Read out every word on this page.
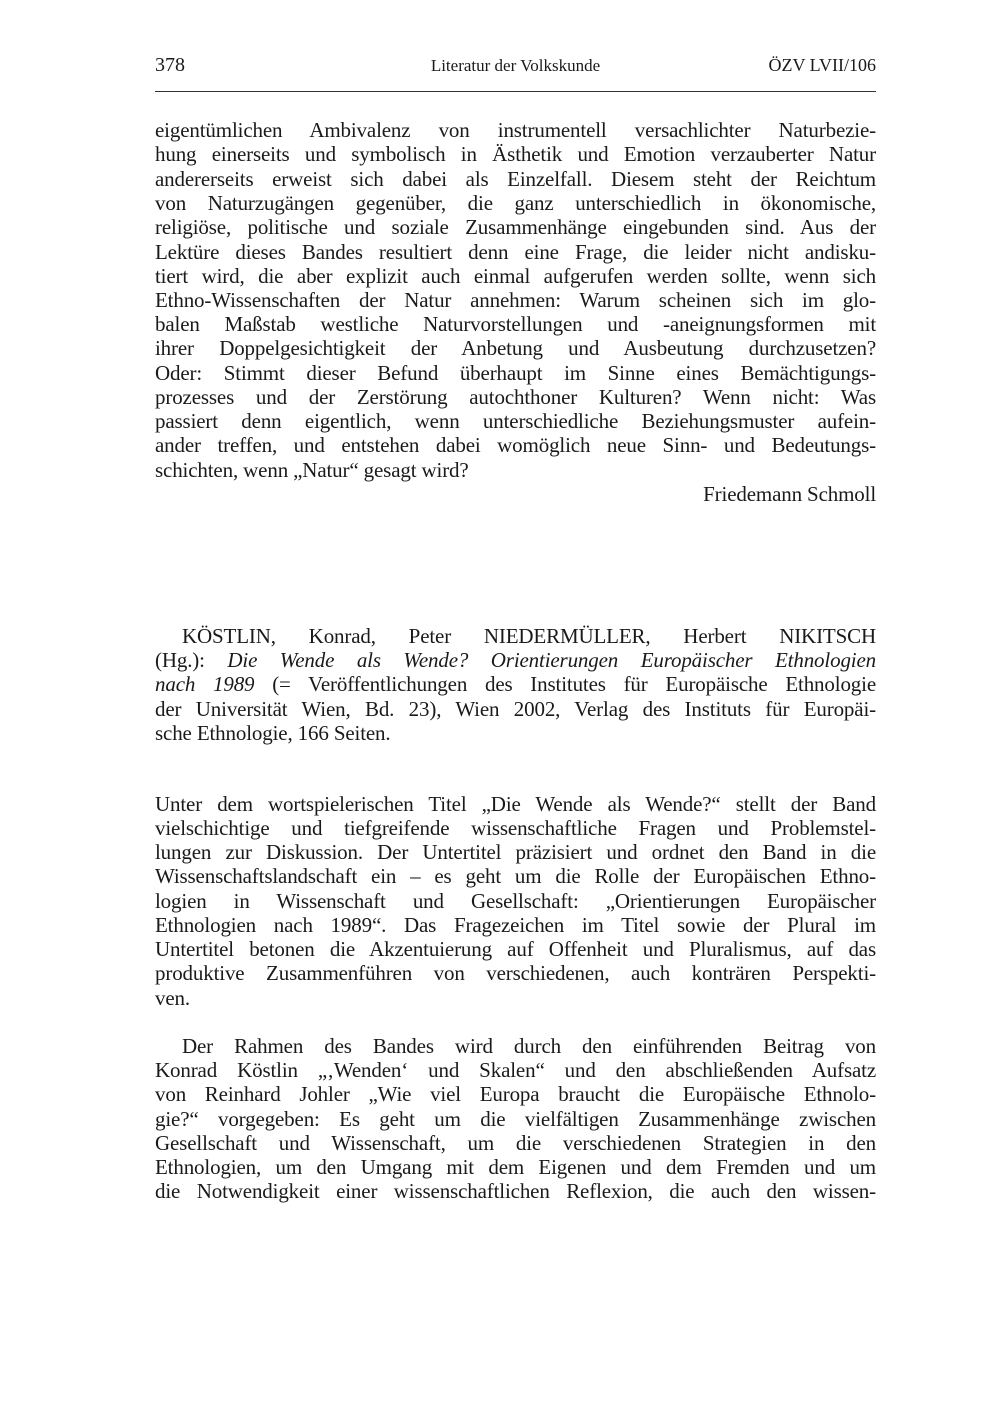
378	Literatur der Volkskunde	ÖZV LVII/106
eigentümlichen Ambivalenz von instrumentell versachlichter Naturbezie-
hung einerseits und symbolisch in Ästhetik und Emotion verzauberter Natur
andererseits erweist sich dabei als Einzelfall. Diesem steht der Reichtum
von Naturzugängen gegenüber, die ganz unterschiedlich in ökonomische,
religiöse, politische und soziale Zusammenhänge eingebunden sind. Aus der
Lektüre dieses Bandes resultiert denn eine Frage, die leider nicht andisku-
tiert wird, die aber explizit auch einmal aufgerufen werden sollte, wenn sich
Ethno-Wissenschaften der Natur annehmen: Warum scheinen sich im glo-
balen Maßstab westliche Naturvorstellungen und -aneignungsformen mit
ihrer Doppelgesichtigkeit der Anbetung und Ausbeutung durchzusetzen?
Oder: Stimmt dieser Befund überhaupt im Sinne eines Bemächtigungs-
prozesses und der Zerstörung autochthoner Kulturen? Wenn nicht: Was
passiert denn eigentlich, wenn unterschiedliche Beziehungsmuster aufein-
ander treffen, und entstehen dabei womöglich neue Sinn- und Bedeutungs-
schichten, wenn „Natur“ gesagt wird?
Friedemann Schmoll
KÖSTLIN, Konrad, Peter NIEDERMÜLLER, Herbert NIKITSCH
(Hg.): Die Wende als Wende? Orientierungen Europäischer Ethnologien
nach 1989 (= Veröffentlichungen des Institutes für Europäische Ethnologie
der Universität Wien, Bd. 23), Wien 2002, Verlag des Instituts für Europäi-
sche Ethnologie, 166 Seiten.
Unter dem wortspielerischen Titel „Die Wende als Wende?“ stellt der Band
vielschichtige und tiefgreifende wissenschaftliche Fragen und Problemstel-
lungen zur Diskussion. Der Untertitel präzisiert und ordnet den Band in die
Wissenschaftslandschaft ein – es geht um die Rolle der Europäischen Ethno-
logien in Wissenschaft und Gesellschaft: „Orientierungen Europäischer
Ethnologien nach 1989“. Das Fragezeichen im Titel sowie der Plural im
Untertitel betonen die Akzentuierung auf Offenheit und Pluralismus, auf das
produktive Zusammenführen von verschiedenen, auch konträren Perspekti-
ven.
Der Rahmen des Bandes wird durch den einführenden Beitrag von
Konrad Köstlin „‚Wenden‘ und Skalen“ und den abschließenden Aufsatz
von Reinhard Johler „Wie viel Europa braucht die Europäische Ethnolo-
gie?“ vorgegeben: Es geht um die vielfältigen Zusammenhänge zwischen
Gesellschaft und Wissenschaft, um die verschiedenen Strategien in den
Ethnologien, um den Umgang mit dem Eigenen und dem Fremden und um
die Notwendigkeit einer wissenschaftlichen Reflexion, die auch den wissen-
